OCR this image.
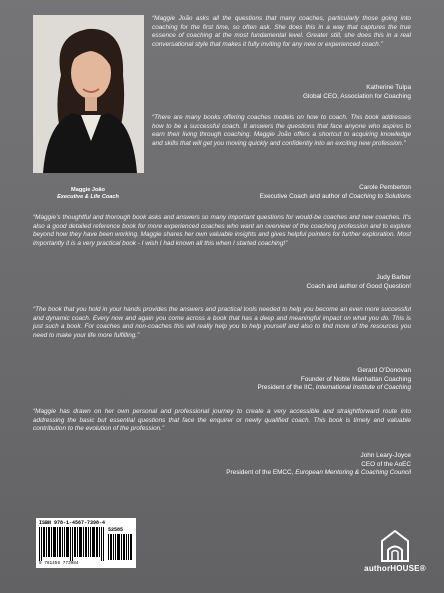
Maggie João
Executive & Life Coach
“Maggie João asks all the questions that many coaches, particularly those going into coaching for the first time, so often ask. She does this in a way that captures the true essence of coaching at the most fundamental level. Greater still, she does this in a real conversational style that makes it fully inviting for any new or experienced coach.”
Katherine Tulpa
Global CEO, Association for Coaching
“There are many books offering coaches models on how to coach. This book addresses how to be a successful coach. It answers the questions that face anyone who aspires to earn their living through coaching. Maggie João offers a shortcut to acquiring knowledge and skills that will get you moving quickly and confidently into an exciting new profession.”
Carole Pemberton
Executive Coach and author of Coaching to Solutions
“Maggie’s thoughtful and thorough book asks and answers so many important questions for would-be coaches and new coaches. It’s also a good detailed reference book for more experienced coaches who want an overview of the coaching profession and to explore beyond how they have been working. Maggie shares her own valuable insights and gives helpful pointers for further exploration. Most importantly it is a very practical book - I wish I had known all this when I started coaching!”
Judy Barber
Coach and author of Good Question!
“The book that you hold in your hands provides the answers and practical tools needed to help you become an even more successful and dynamic coach. Every now and again you come across a book that has a deep and meaningful impact on what you do. This is just such a book. For coaches and non-coaches this will really help you to help yourself and also to find more of the resources you need to make your life more fulfilling.”
Gerard O’Donovan
Founder of Noble Manhattan Coaching
President of the IIC, International Institute of Coaching
“Maggie has drawn on her own personal and professional journey to create a very accessible and straightforward route into addressing the basic but essential questions that face the enquirer or newly qualified coach. This book is timely and valuable contribution to the evolution of the profession.”
John Leary-Joyce
CEO of the AoEC
President of the EMCC, European Mentoring & Coaching Council
ISBN 978-1-4567-7398-4
52585
9 781456 773984
authorHOUSE®
